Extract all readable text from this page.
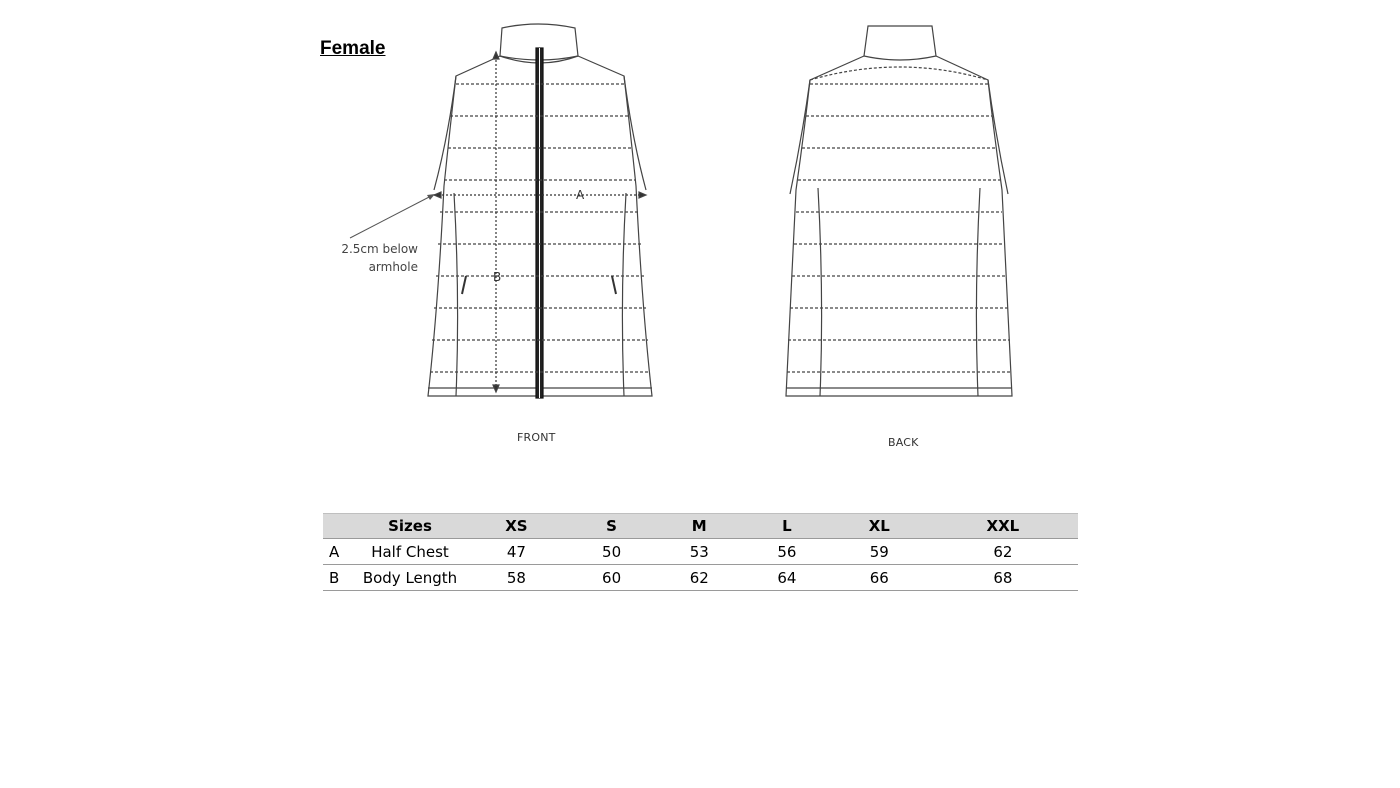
Female
A
B
2.5cm below
armhole
FRONT	BACK
	Sizes	XS	S	M	L	XL	XXL
A	Half Chest	47	50	53	56	59	62
B	Body Length	58	60	62	64	66	68
